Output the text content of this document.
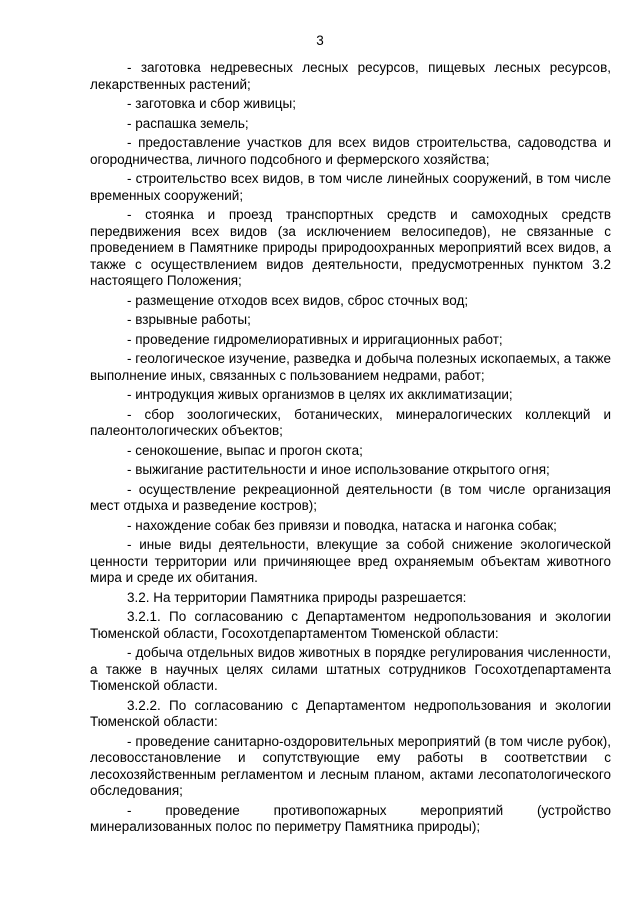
3

- заготовка недревесных лесных ресурсов, пищевых лесных ресурсов, лекарственных растений;

- заготовка и сбор живицы;

- распашка земель;

- предоставление участков для всех видов строительства, садоводства и огородничества, личного подсобного и фермерского хозяйства;

- строительство всех видов, в том числе линейных сооружений, в том числе временных сооружений;

- стоянка и проезд транспортных средств и самоходных средств передвижения всех видов (за исключением велосипедов), не связанные с проведением в Памятнике природы природоохранных мероприятий всех видов, а также с осуществлением видов деятельности, предусмотренных пунктом 3.2 настоящего Положения;

- размещение отходов всех видов, сброс сточных вод;

- взрывные работы;

- проведение гидромелиоративных и ирригационных работ;

- геологическое изучение, разведка и добыча полезных ископаемых, а также выполнение иных, связанных с пользованием недрами, работ;

- интродукция живых организмов в целях их акклиматизации;

- сбор зоологических, ботанических, минералогических коллекций и палеонтологических объектов;

- сенокошение, выпас и прогон скота;

- выжигание растительности и иное использование открытого огня;

- осуществление рекреационной деятельности (в том числе организация мест отдыха и разведение костров);

- нахождение собак без привязи и поводка, натаска и нагонка собак;

- иные виды деятельности, влекущие за собой снижение экологической ценности территории или причиняющее вред охраняемым объектам животного мира и среде их обитания.

3.2. На территории Памятника природы разрешается:

3.2.1. По согласованию с Департаментом недропользования и экологии Тюменской области, Госохотдепартаментом Тюменской области:

- добыча отдельных видов животных в порядке регулирования численности, а также в научных целях силами штатных сотрудников Госохотдепартамента Тюменской области.

3.2.2. По согласованию с Департаментом недропользования и экологии Тюменской области:

- проведение санитарно-оздоровительных мероприятий (в том числе рубок), лесовосстановление и сопутствующие ему работы в соответствии с лесохозяйственным регламентом и лесным планом, актами лесопатологического обследования;

- проведение противопожарных мероприятий (устройство минерализованных полос по периметру Памятника природы);
